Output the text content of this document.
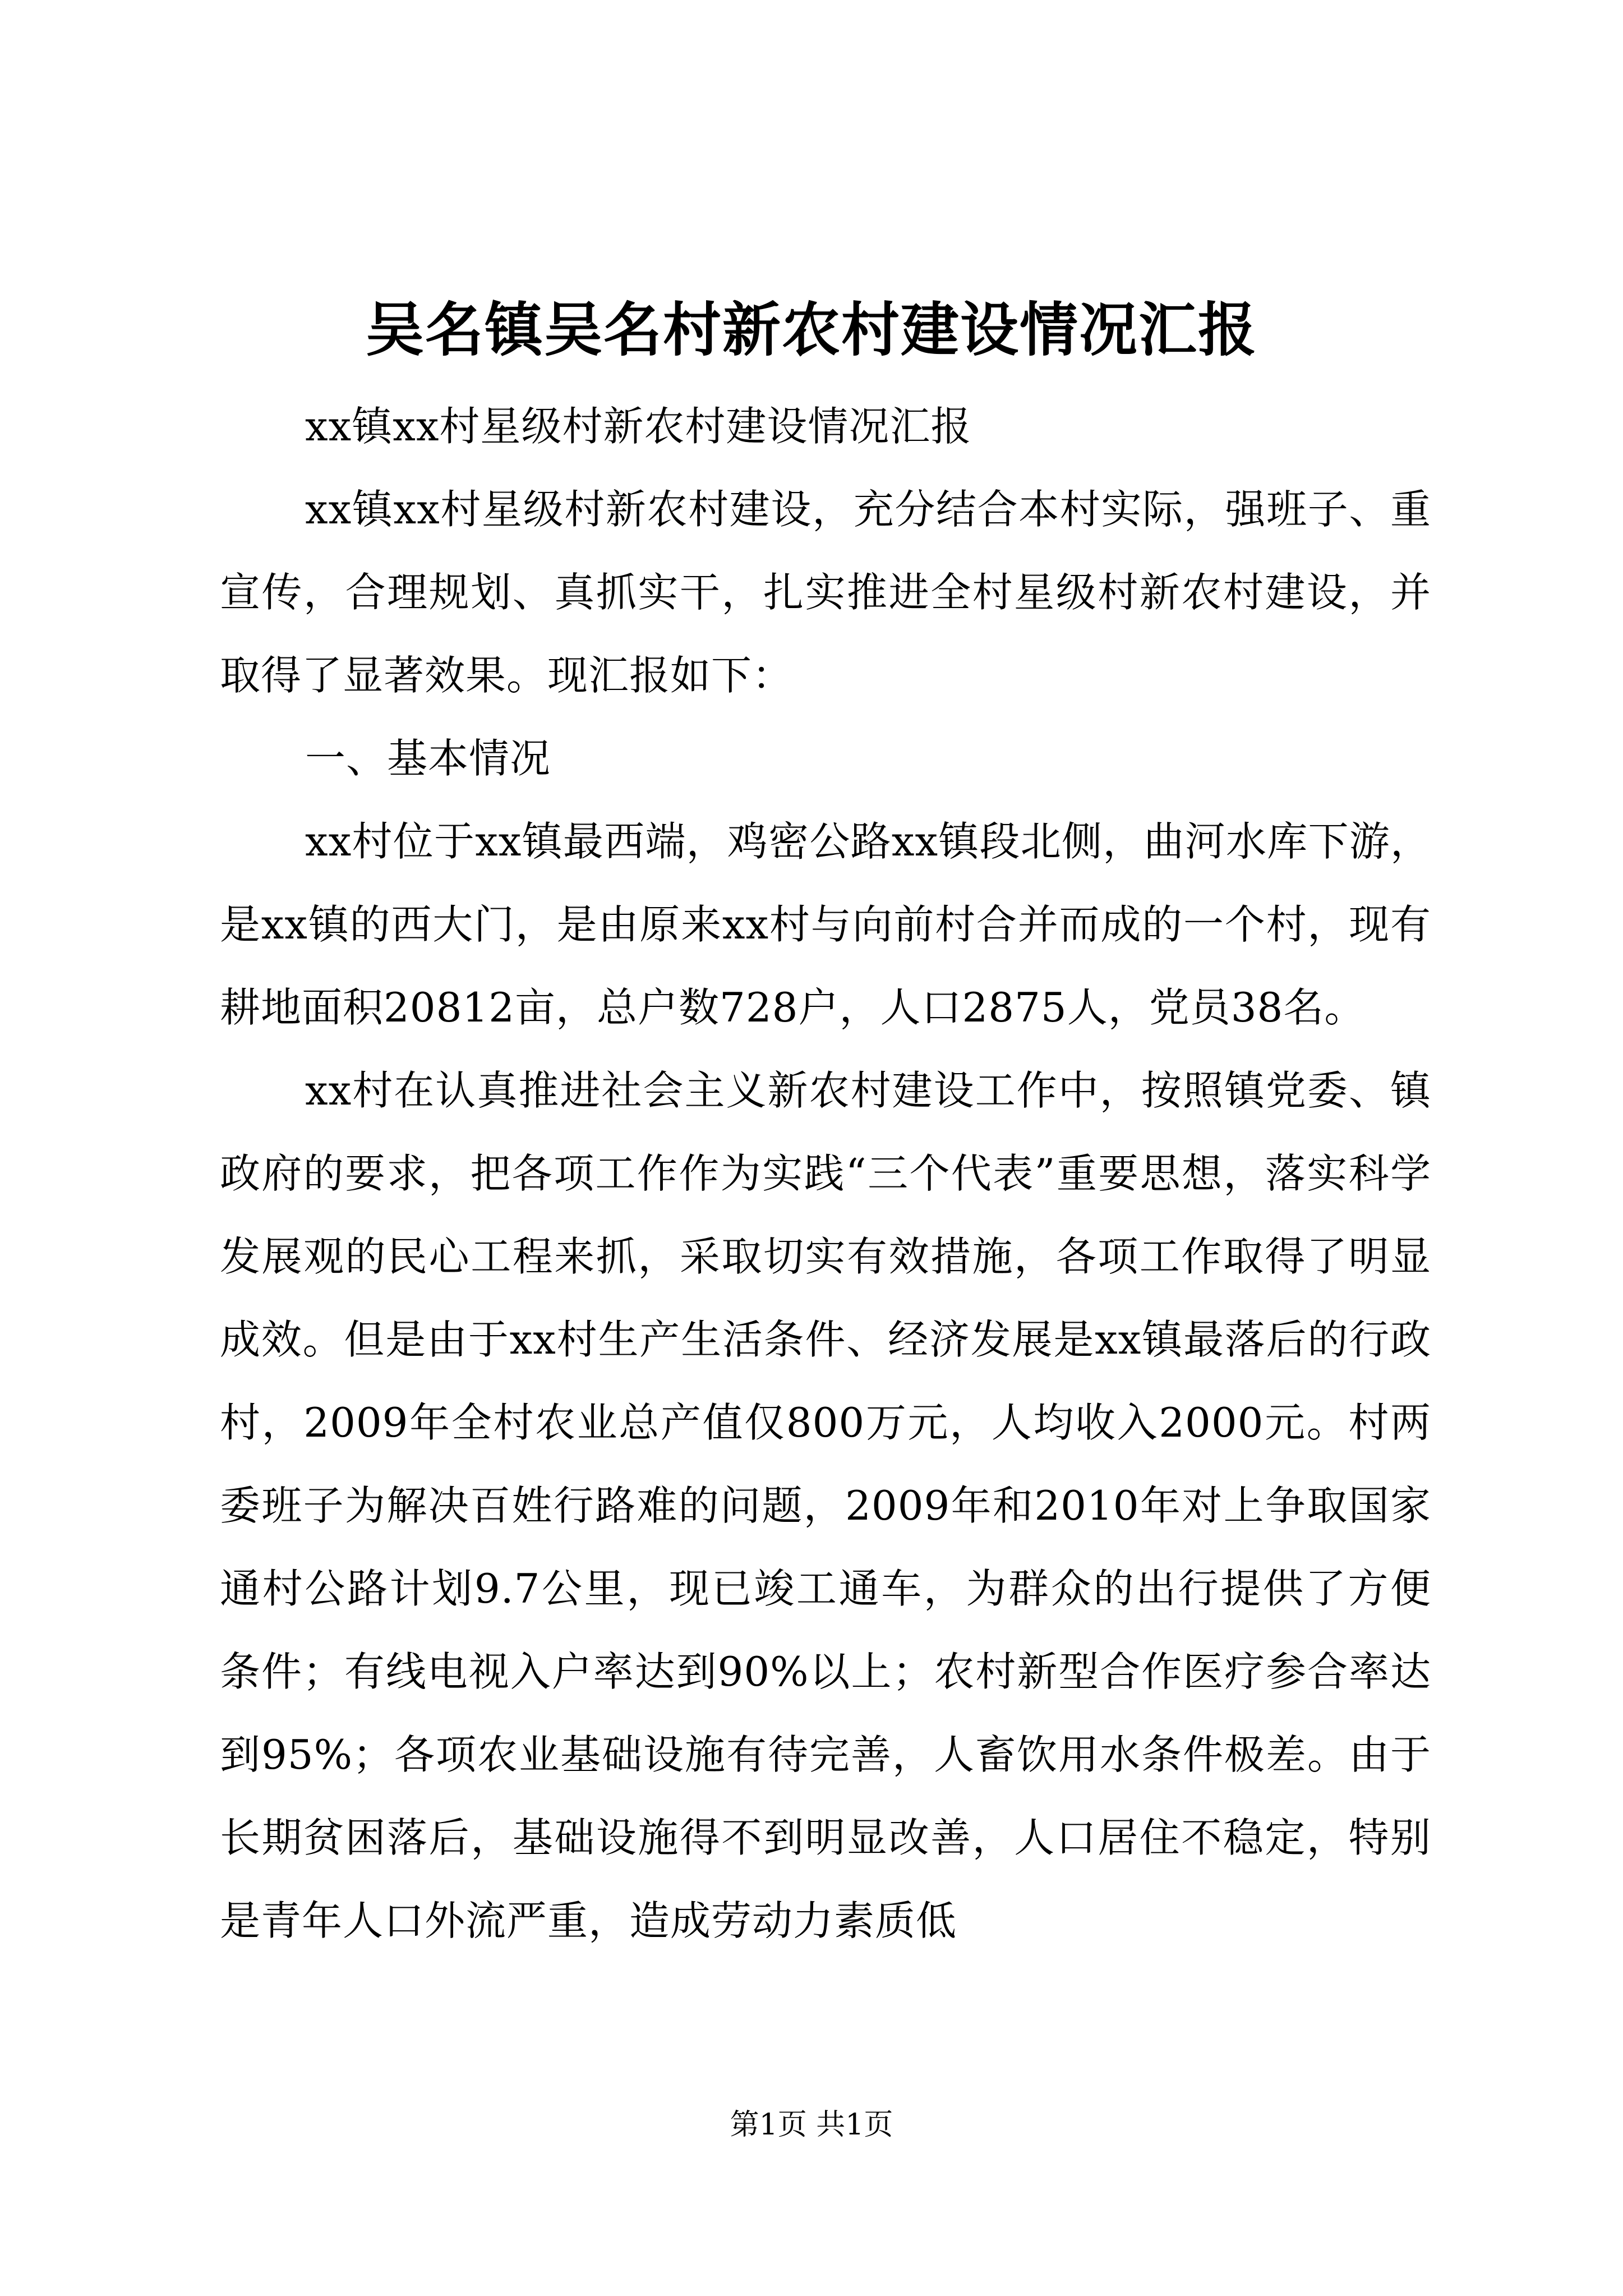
吴名镇吴名村新农村建设情况汇报

xx镇xx村星级村新农村建设情况汇报

xx镇xx村星级村新农村建设，充分结合本村实际，强班子、重宣传，合理规划、真抓实干，扎实推进全村星级村新农村建设，并取得了显著效果。现汇报如下：

一、基本情况

xx村位于xx镇最西端，鸡密公路xx镇段北侧，曲河水库下游，是xx镇的西大门，是由原来xx村与向前村合并而成的一个村，现有耕地面积20812亩，总户数728户，人口2875人，党员38名。

xx村在认真推进社会主义新农村建设工作中，按照镇党委、镇政府的要求，把各项工作作为实践“三个代表”重要思想，落实科学发展观的民心工程来抓，采取切实有效措施，各项工作取得了明显成效。但是由于xx村生产生活条件、经济发展是xx镇最落后的行政村，2009年全村农业总产值仅800万元，人均收入2000元。村两委班子为解决百姓行路难的问题，2009年和2010年对上争取国家通村公路计划9.7公里，现已竣工通车，为群众的出行提供了方便条件；有线电视入户率达到90%以上；农村新型合作医疗参合率达到95%；各项农业基础设施有待完善，人畜饮用水条件极差。由于长期贫困落后，基础设施得不到明显改善，人口居住不稳定，特别是青年人口外流严重，造成劳动力素质低

第1页 共1页
